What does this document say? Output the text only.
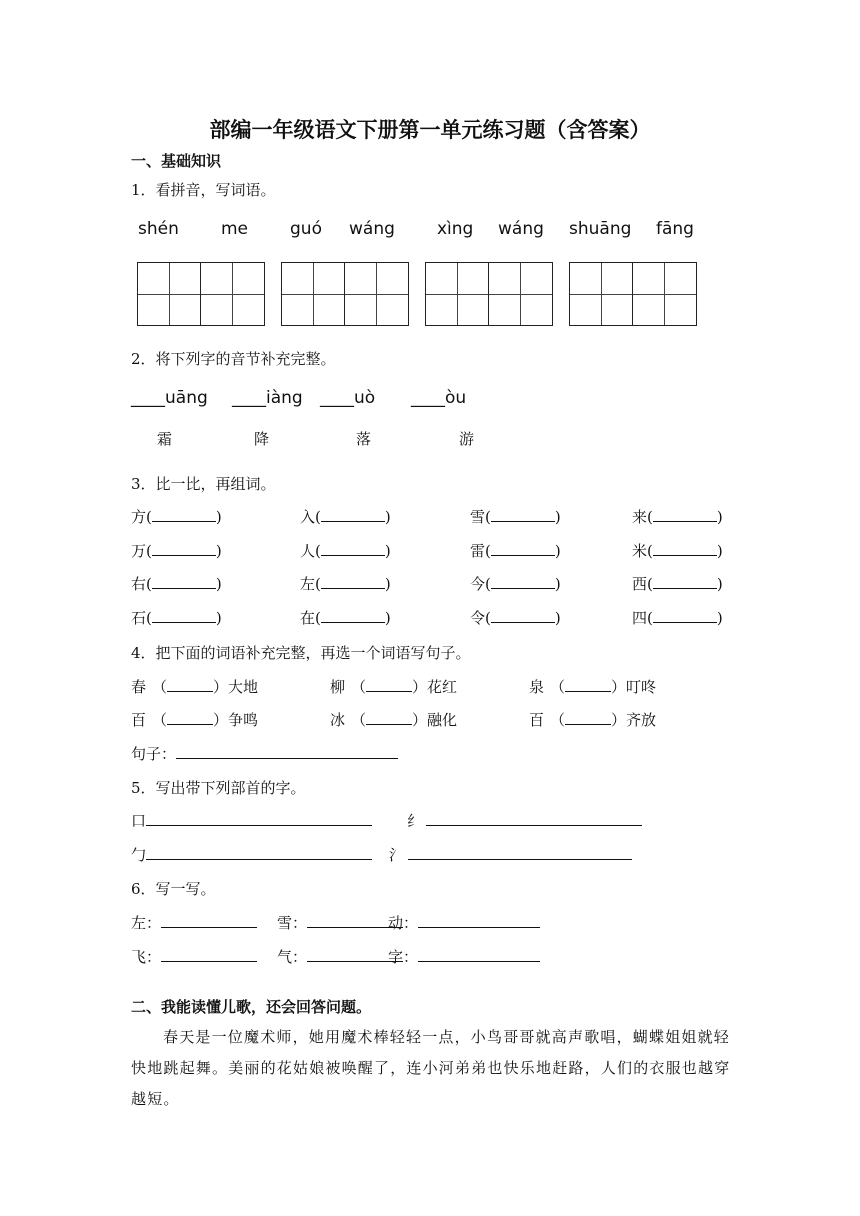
部编一年级语文下册第一单元练习题（含答案）
一、基础知识
1．看拼音，写词语。
shén me guó wáng xìng wáng shuāng fāng
2．将下列字的音节补充完整。
____uāng ____iàng ____uò ____òu
霜	降	落	游
3．比一比，再组词。
方(	)	入(	)	雪(	)	来(	)
万(	)	人(	)	雷(	)	米(	)
右(	)	左(	)	今(	)	西(	)
石(	)	在(	)	令(	)	四(	)
4．把下面的词语补充完整，再选一个词语写句子。
春 （	）大地	柳 （	）花红	泉 （	）叮咚
百 （	）争鸣	冰 （	）融化	百 （	）齐放
句子：
5．写出带下列部首的字。
口	纟
勹	氵
6．写一写。
左：	雪：	动：
飞：	气：	字：
二、我能读懂儿歌，还会回答问题。
春天是一位魔术师，她用魔术棒轻轻一点，小鸟哥哥就高声歌唱，蝴蝶姐姐就轻快地跳起舞。美丽的花姑娘被唤醒了，连小河弟弟也快乐地赶路，人们的衣服也越穿越短。
